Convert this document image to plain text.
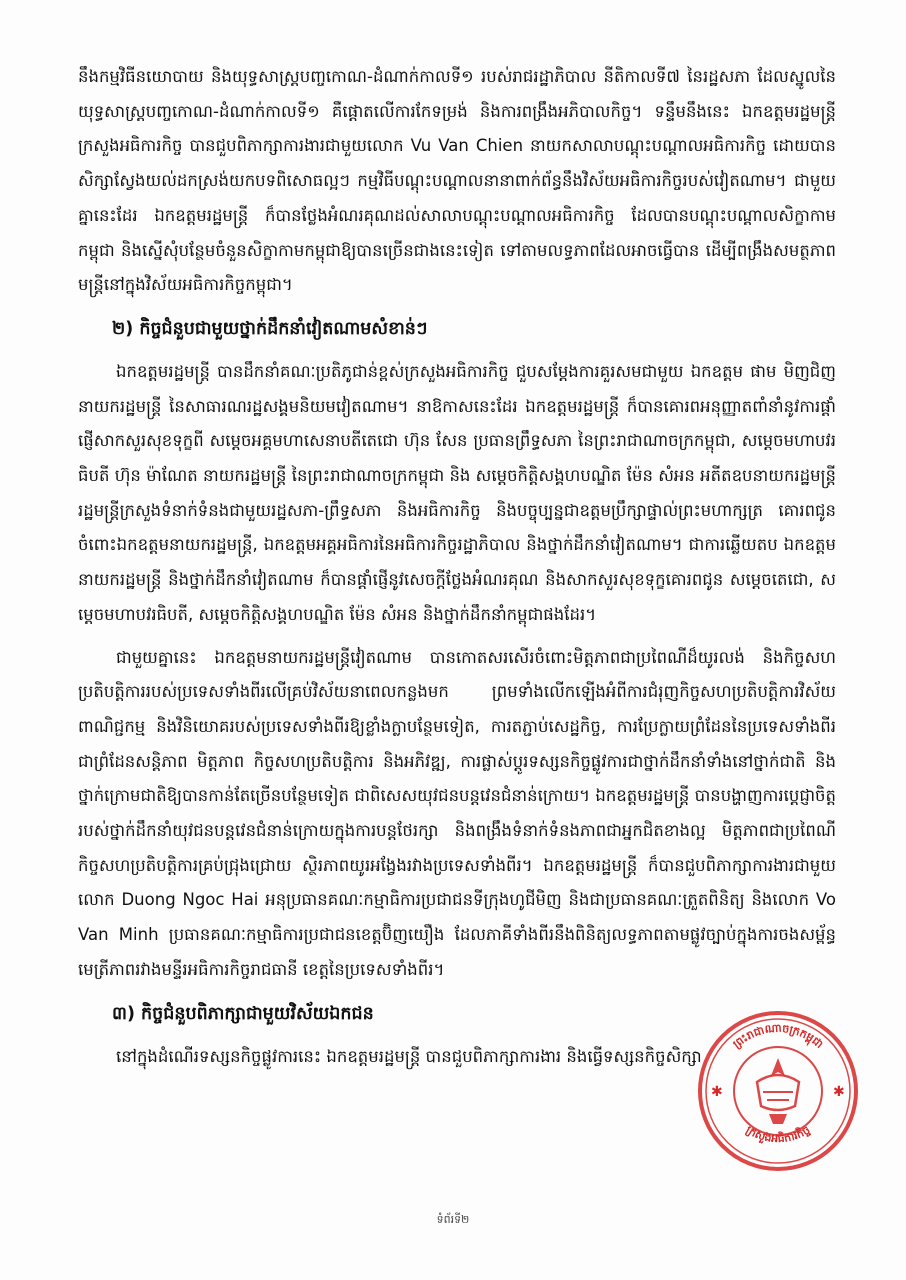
នឹងកម្មវិធីនយោបាយ និងយុទ្ធសាស្រ្តបញ្ចកោណ-ដំណាក់កាលទី១ របស់រាជរដ្ឋាភិបាល នីតិកាលទី៧ នៃរដ្ឋសភា ដែលស្នូលនៃយុទ្ធសាស្រ្តបញ្ចកោណ-ដំណាក់កាលទី១ គឺផ្តោតលើការកែទម្រង់ និងការពង្រឹងអភិបាលកិច្ច។ ទន្ទឹមនឹងនេះ ឯកឧត្តមរដ្ឋមន្ត្រីក្រសួងអធិការកិច្ច បានជួបពិភាក្សាការងារជាមួយលោក Vu Van Chien នាយកសាលាបណ្តុះបណ្តាលអធិការកិច្ច ដោយបានសិក្សាស្វែងយល់ដកស្រង់យកបទពិសោធល្អៗ កម្មវិធីបណ្តុះបណ្តាលនានាពាក់ព័ន្ធនឹងវិស័យអធិការកិច្ចរបស់វៀតណាម។ ជាមួយគ្នានេះដែរ ឯកឧត្តមរដ្ឋមន្ត្រី ក៏បានថ្លែងអំណរគុណដល់សាលាបណ្តុះបណ្តាលអធិការកិច្ច ដែលបានបណ្តុះបណ្តាលសិក្ខាកាមកម្ពុជា និងស្នើសុំបន្ថែមចំនួនសិក្ខាកាមកម្ពុជាឱ្យបានច្រើនជាងនេះទៀត ទៅតាមលទ្ធភាពដែលអាចធ្វើបាន ដើម្បីពង្រឹងសមត្ថភាពមន្ត្រីនៅក្នុងវិស័យអធិការកិច្ចកម្ពុជា។

២) កិច្ចជំនួបជាមួយថ្នាក់ដឹកនាំវៀតណាមសំខាន់ៗ

ឯកឧត្តមរដ្ឋមន្ត្រី បានដឹកនាំគណៈប្រតិភូជាន់ខ្ពស់ក្រសួងអធិការកិច្ច ជួបសម្តែងការគួរសមជាមួយ ឯកឧត្តម ផាម មិញជិញ នាយករដ្ឋមន្ត្រី នៃសាធារណរដ្ឋសង្គមនិយមវៀតណាម។ នាឱកាសនេះដែរ ឯកឧត្តមរដ្ឋមន្ត្រី ក៏បានគោរពអនុញ្ញាតពាំនាំនូវការផ្តាំផ្ញើសាកសួរសុខទុក្ខពី សម្តេចអគ្គមហាសេនាបតីតេជោ ហ៊ុន សែន ប្រធានព្រឹទ្ធសភា នៃព្រះរាជាណាចក្រកម្ពុជា, សម្តេចមហាបវរធិបតី ហ៊ុន ម៉ាណែត នាយករដ្ឋមន្ត្រី នៃព្រះរាជាណាចក្រកម្ពុជា និង សម្តេចកិត្តិសង្គហបណ្ឌិត ម៉ែន សំអន អតីតឧបនាយករដ្ឋមន្ត្រី រដ្ឋមន្ត្រីក្រសួងទំនាក់ទំនងជាមួយរដ្ឋសភា-ព្រឹទ្ធសភា និងអធិការកិច្ច និងបច្ចុប្បន្នជាឧត្តមប្រឹក្សាផ្ទាល់ព្រះមហាក្សត្រ គោរពជូនចំពោះឯកឧត្តមនាយករដ្ឋមន្ត្រី, ឯកឧត្តមអគ្គអធិការនៃអធិការកិច្ចរដ្ឋាភិបាល និងថ្នាក់ដឹកនាំវៀតណាម។ ជាការឆ្លើយតប ឯកឧត្តមនាយករដ្ឋមន្ត្រី និងថ្នាក់ដឹកនាំវៀតណាម ក៏បានផ្តាំផ្ញើនូវសេចក្តីថ្លែងអំណរគុណ និងសាកសួរសុខទុក្ខគោរពជូន សម្តេចតេជោ, សម្តេចមហាបវរធិបតី, សម្តេចកិត្តិសង្គហបណ្ឌិត ម៉ែន សំអន និងថ្នាក់ដឹកនាំកម្ពុជាផងដែរ។

ជាមួយគ្នានេះ ឯកឧត្តមនាយករដ្ឋមន្ត្រីវៀតណាម បានកោតសរសើរចំពោះមិត្តភាពជាប្រពៃណីដ៏យូរលង់ និងកិច្ចសហប្រតិបត្តិការរបស់ប្រទេសទាំងពីរលើគ្រប់វិស័យនាពេលកន្លងមក ព្រមទាំងលើកឡើងអំពីការជំរុញកិច្ចសហប្រតិបត្តិការវិស័យពាណិជ្ជកម្ម និងវិនិយោគរបស់ប្រទេសទាំងពីរឱ្យខ្លាំងក្លាបន្ថែមទៀត, ការតភ្ជាប់សេដ្ឋកិច្ច, ការប្រែក្លាយព្រំដែននៃប្រទេសទាំងពីរ ជាព្រំដែនសន្តិភាព មិត្តភាព កិច្ចសហប្រតិបត្តិការ និងអភិវឌ្ឍ, ការផ្លាស់ប្តូរទស្សនកិច្ចផ្លូវការជាថ្នាក់ដឹកនាំទាំងនៅថ្នាក់ជាតិ និងថ្នាក់ក្រោមជាតិឱ្យបានកាន់តែច្រើនបន្ថែមទៀត ជាពិសេសយុវជនបន្តវេនជំនាន់ក្រោយ។ ឯកឧត្តមរដ្ឋមន្ត្រី បានបង្ហាញការប្តេជ្ញាចិត្តរបស់ថ្នាក់ដឹកនាំយុវជនបន្តវេនជំនាន់ក្រោយក្នុងការបន្តថែរក្សា និងពង្រឹងទំនាក់ទំនងភាពជាអ្នកជិតខាងល្អ មិត្តភាពជាប្រពៃណី កិច្ចសហប្រតិបត្តិការគ្រប់ជ្រុងជ្រោយ ស្ថិរភាពយូរអង្វែងរវាងប្រទេសទាំងពីរ។ ឯកឧត្តមរដ្ឋមន្ត្រី ក៏បានជួបពិភាក្សាការងារជាមួយលោក Duong Ngoc Hai អនុប្រធានគណៈកម្មាធិការប្រជាជនទីក្រុងហូជីមិញ និងជាប្រធានគណៈត្រួតពិនិត្យ និងលោក Vo Van Minh ប្រធានគណៈកម្មាធិការប្រជាជនខេត្តប៊ិញយឿង ដែលភាគីទាំងពីរនឹងពិនិត្យលទ្ធភាពតាមផ្លូវច្បាប់ក្នុងការចងសម្ព័ន្ធមេត្រីភាពរវាងមន្ទីរអធិការកិច្ចរាជធានី ខេត្តនៃប្រទេសទាំងពីរ។

៣) កិច្ចជំនួបពិភាក្សាជាមួយវិស័យឯកជន

នៅក្នុងដំណើរទស្សនកិច្ចផ្លូវការនេះ ឯកឧត្តមរដ្ឋមន្ត្រី បានជួបពិភាក្សាការងារ និងធ្វើទស្សនកិច្ចសិក្សា

✱	✱
ព្រះរាជាណាចក្រកម្ពុជា
ក្រសួងអធិការកិច្ច
ទំព័រទី២
